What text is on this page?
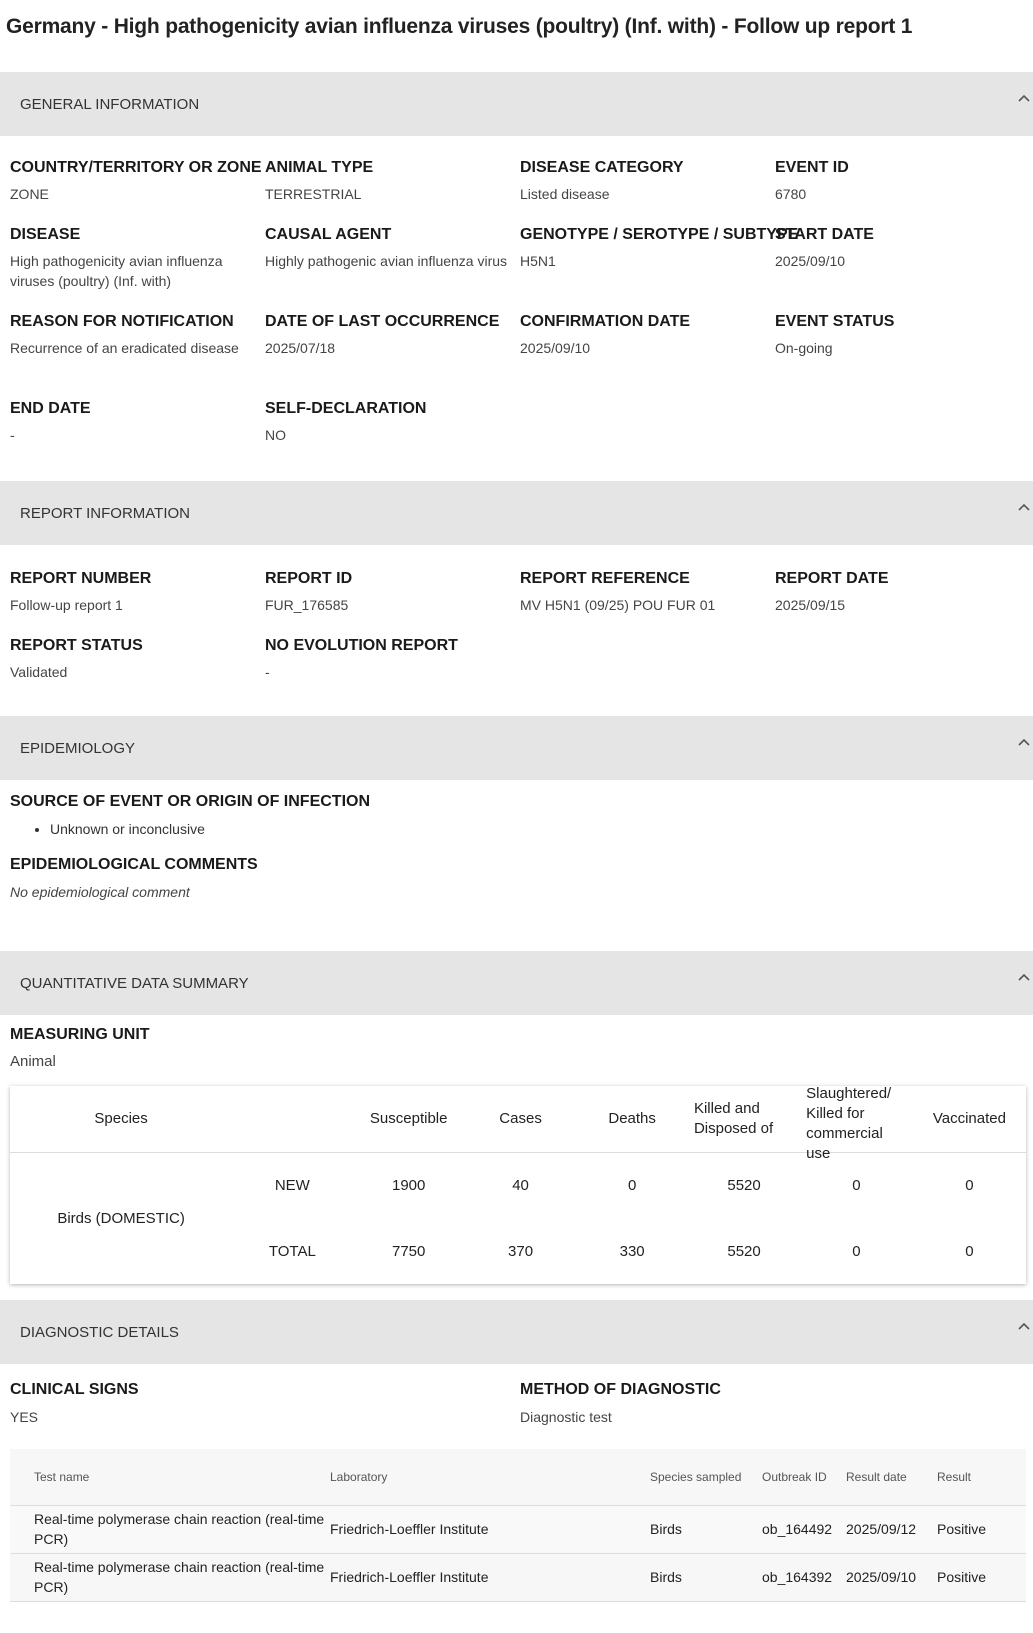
Germany - High pathogenicity avian influenza viruses (poultry) (Inf. with) - Follow up report 1
GENERAL INFORMATION
COUNTRY/TERRITORY OR ZONE
ZONE
ANIMAL TYPE
TERRESTRIAL
DISEASE CATEGORY
Listed disease
EVENT ID
6780
DISEASE
High pathogenicity avian influenza viruses (poultry) (Inf. with)
CAUSAL AGENT
Highly pathogenic avian influenza virus
GENOTYPE / SEROTYPE / SUBTYPE
H5N1
START DATE
2025/09/10
REASON FOR NOTIFICATION
Recurrence of an eradicated disease
DATE OF LAST OCCURRENCE
2025/07/18
CONFIRMATION DATE
2025/09/10
EVENT STATUS
On-going
END DATE
-
SELF-DECLARATION
NO
REPORT INFORMATION
REPORT NUMBER
Follow-up report 1
REPORT ID
FUR_176585
REPORT REFERENCE
MV H5N1 (09/25) POU FUR 01
REPORT DATE
2025/09/15
REPORT STATUS
Validated
NO EVOLUTION REPORT
-
EPIDEMIOLOGY
SOURCE OF EVENT OR ORIGIN OF INFECTION
• Unknown or inconclusive
EPIDEMIOLOGICAL COMMENTS
No epidemiological comment
QUANTITATIVE DATA SUMMARY
MEASURING UNIT
Animal
Species		Susceptible	Cases	Deaths	Killed and Disposed of	Slaughtered/ Killed for commercial use	Vaccinated
Birds (DOMESTIC)	NEW	1900	40	0	5520	0	0
	TOTAL	7750	370	330	5520	0	0
DIAGNOSTIC DETAILS
CLINICAL SIGNS
YES
METHOD OF DIAGNOSTIC
Diagnostic test
	Test name	Laboratory	Species sampled	Outbreak ID	Result date	Result
	Real-time polymerase chain reaction (real-time PCR)	Friedrich-Loeffler Institute	Birds	ob_164492	2025/09/12	Positive
	Real-time polymerase chain reaction (real-time PCR)	Friedrich-Loeffler Institute	Birds	ob_164392	2025/09/10	Positive
